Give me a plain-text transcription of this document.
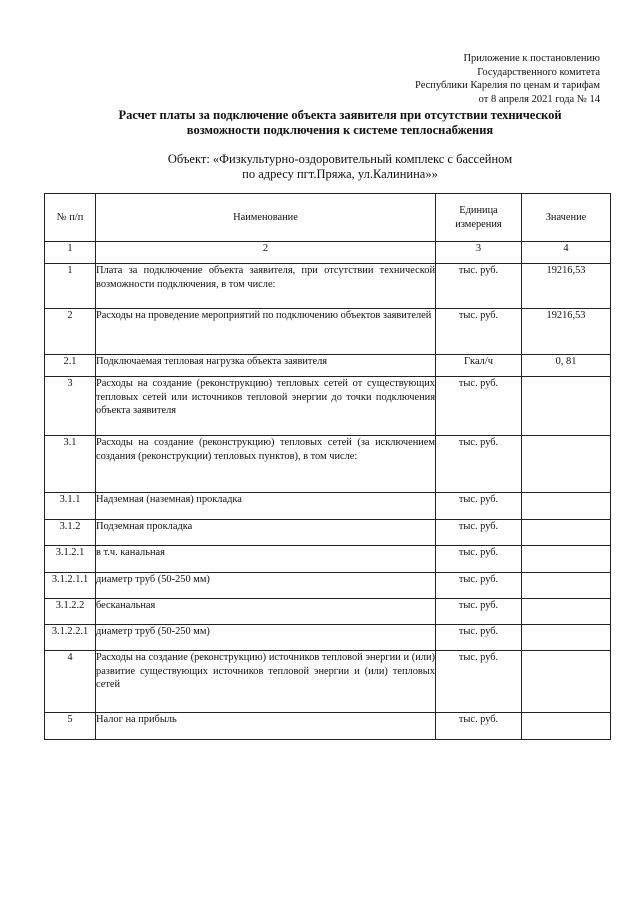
Приложение к постановлению
Государственного комитета
Республики Карелия по ценам и тарифам
от 8 апреля 2021 года № 14
Расчет платы за подключение объекта заявителя при отсутствии технической
возможности подключения к системе теплоснабжения
Объект: «Физкультурно-оздоровительный комплекс с бассейном
по адресу пгт.Пряжа, ул.Калинина»»
№ п/п	Наименование	Единица измерения	Значение
1	2	3	4
1	Плата за подключение объекта заявителя, при отсутствии технической возможности подключения, в том числе:	тыс. руб.	19216,53
2	Расходы на проведение мероприятий по подключению объектов заявителей	тыс. руб.	19216,53
2.1	Подключаемая тепловая нагрузка объекта заявителя	Гкал/ч	0, 81
3	Расходы на создание (реконструкцию) тепловых сетей от существующих тепловых сетей или источников тепловой энергии до точки подключения объекта заявителя	тыс. руб.	
3.1	Расходы на создание (реконструкцию) тепловых сетей (за исключением создания (реконструкции) тепловых пунктов), в том числе:	тыс. руб.	
3.1.1	Надземная (наземная) прокладка	тыс. руб.	
3.1.2	Подземная прокладка	тыс. руб.	
3.1.2.1	в т.ч. канальная	тыс. руб.	
3.1.2.1.1	диаметр труб (50-250 мм)	тыс. руб.	
3.1.2.2	бесканальная	тыс. руб.	
3.1.2.2.1	диаметр труб (50-250 мм)	тыс. руб.	
4	Расходы на создание (реконструкцию) источников тепловой энергии и (или) развитие существующих источников тепловой энергии и (или) тепловых сетей	тыс. руб.	
5	Налог на прибыль	тыс. руб.	
